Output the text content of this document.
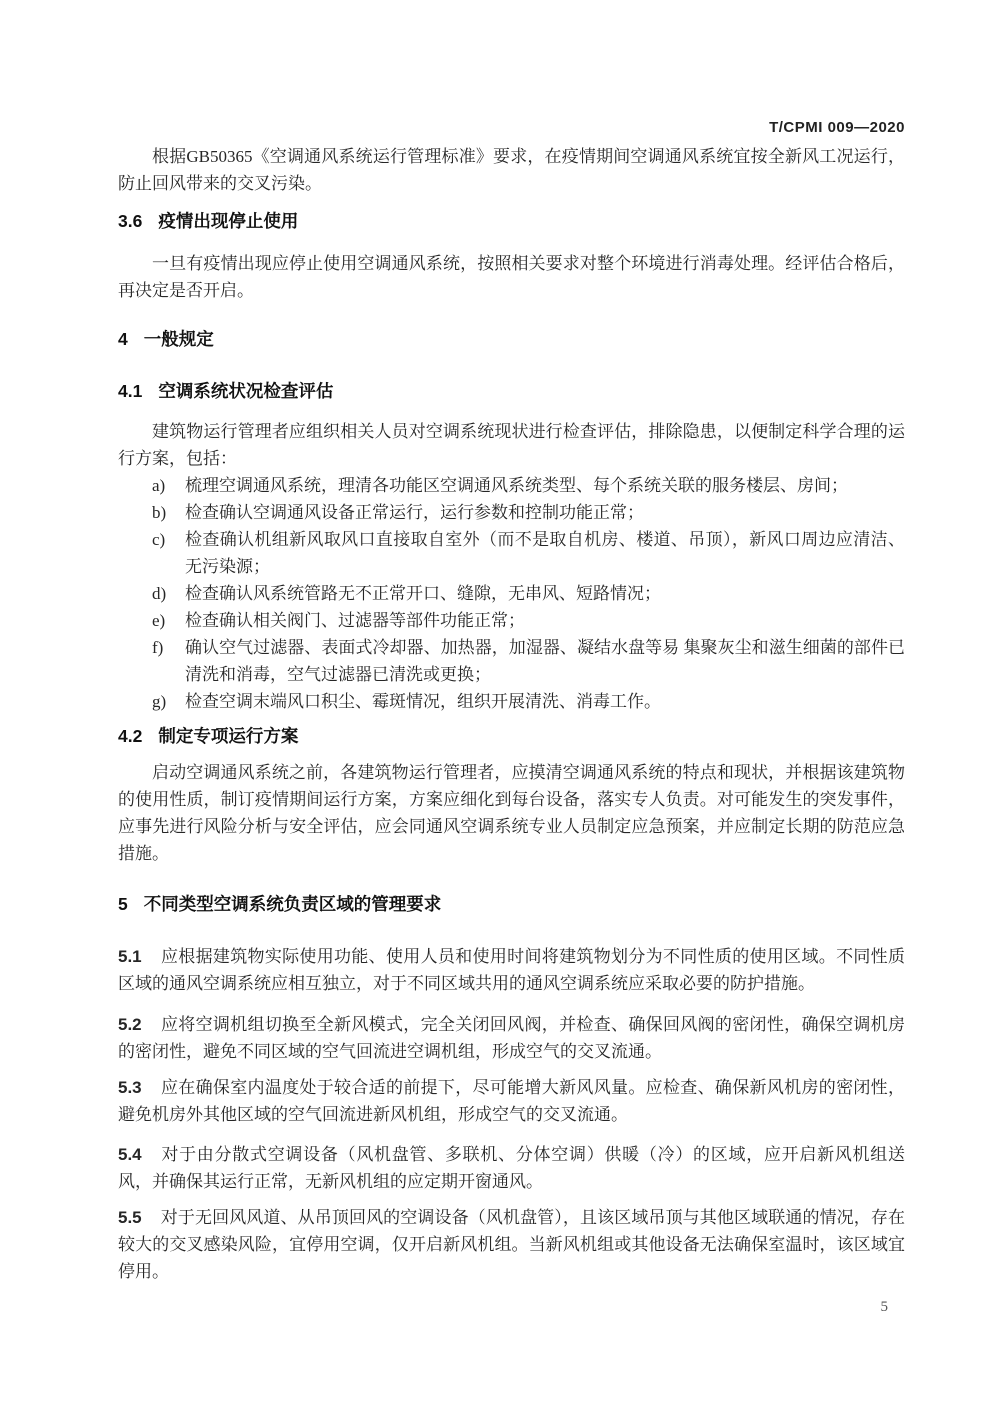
T/CPMI 009—2020

根据GB50365《空调通风系统运行管理标准》要求，在疫情期间空调通风系统宜按全新风工况运行，防止回风带来的交叉污染。

3.6 疫情出现停止使用

一旦有疫情出现应停止使用空调通风系统，按照相关要求对整个环境进行消毒处理。经评估合格后，再决定是否开启。

4 一般规定
4.1 空调系统状况检查评估

建筑物运行管理者应组织相关人员对空调系统现状进行检查评估，排除隐患，以便制定科学合理的运行方案，包括：

a) 梳理空调通风系统，理清各功能区空调通风系统类型、每个系统关联的服务楼层、房间；
b) 检查确认空调通风设备正常运行，运行参数和控制功能正常；
c) 检查确认机组新风取风口直接取自室外（而不是取自机房、楼道、吊顶），新风口周边应清洁、无污染源；
d) 检查确认风系统管路无不正常开口、缝隙，无串风、短路情况；
e) 检查确认相关阀门、过滤器等部件功能正常；
f) 确认空气过滤器、表面式冷却器、加热器，加湿器、凝结水盘等易 集聚灰尘和滋生细菌的部件已清洗和消毒，空气过滤器已清洗或更换；
g) 检查空调末端风口积尘、霉斑情况，组织开展清洗、消毒工作。
4.2 制定专项运行方案

启动空调通风系统之前，各建筑物运行管理者，应摸清空调通风系统的特点和现状，并根据该建筑物的使用性质，制订疫情期间运行方案，方案应细化到每台设备，落实专人负责。对可能发生的突发事件，应事先进行风险分析与安全评估，应会同通风空调系统专业人员制定应急预案，并应制定长期的防范应急措施。

5 不同类型空调系统负责区域的管理要求

5.1 应根据建筑物实际使用功能、使用人员和使用时间将建筑物划分为不同性质的使用区域。不同性质区域的通风空调系统应相互独立，对于不同区域共用的通风空调系统应采取必要的防护措施。

5.2 应将空调机组切换至全新风模式，完全关闭回风阀，并检查、确保回风阀的密闭性，确保空调机房的密闭性，避免不同区域的空气回流进空调机组，形成空气的交叉流通。

5.3 应在确保室内温度处于较合适的前提下，尽可能增大新风风量。应检查、确保新风机房的密闭性，避免机房外其他区域的空气回流进新风机组，形成空气的交叉流通。

5.4 对于由分散式空调设备（风机盘管、多联机、分体空调）供暖（冷）的区域，应开启新风机组送风，并确保其运行正常，无新风机组的应定期开窗通风。

5.5 对于无回风风道、从吊顶回风的空调设备（风机盘管），且该区域吊顶与其他区域联通的情况，存在较大的交叉感染风险，宜停用空调，仅开启新风机组。当新风机组或其他设备无法确保室温时，该区域宜停用。

5
